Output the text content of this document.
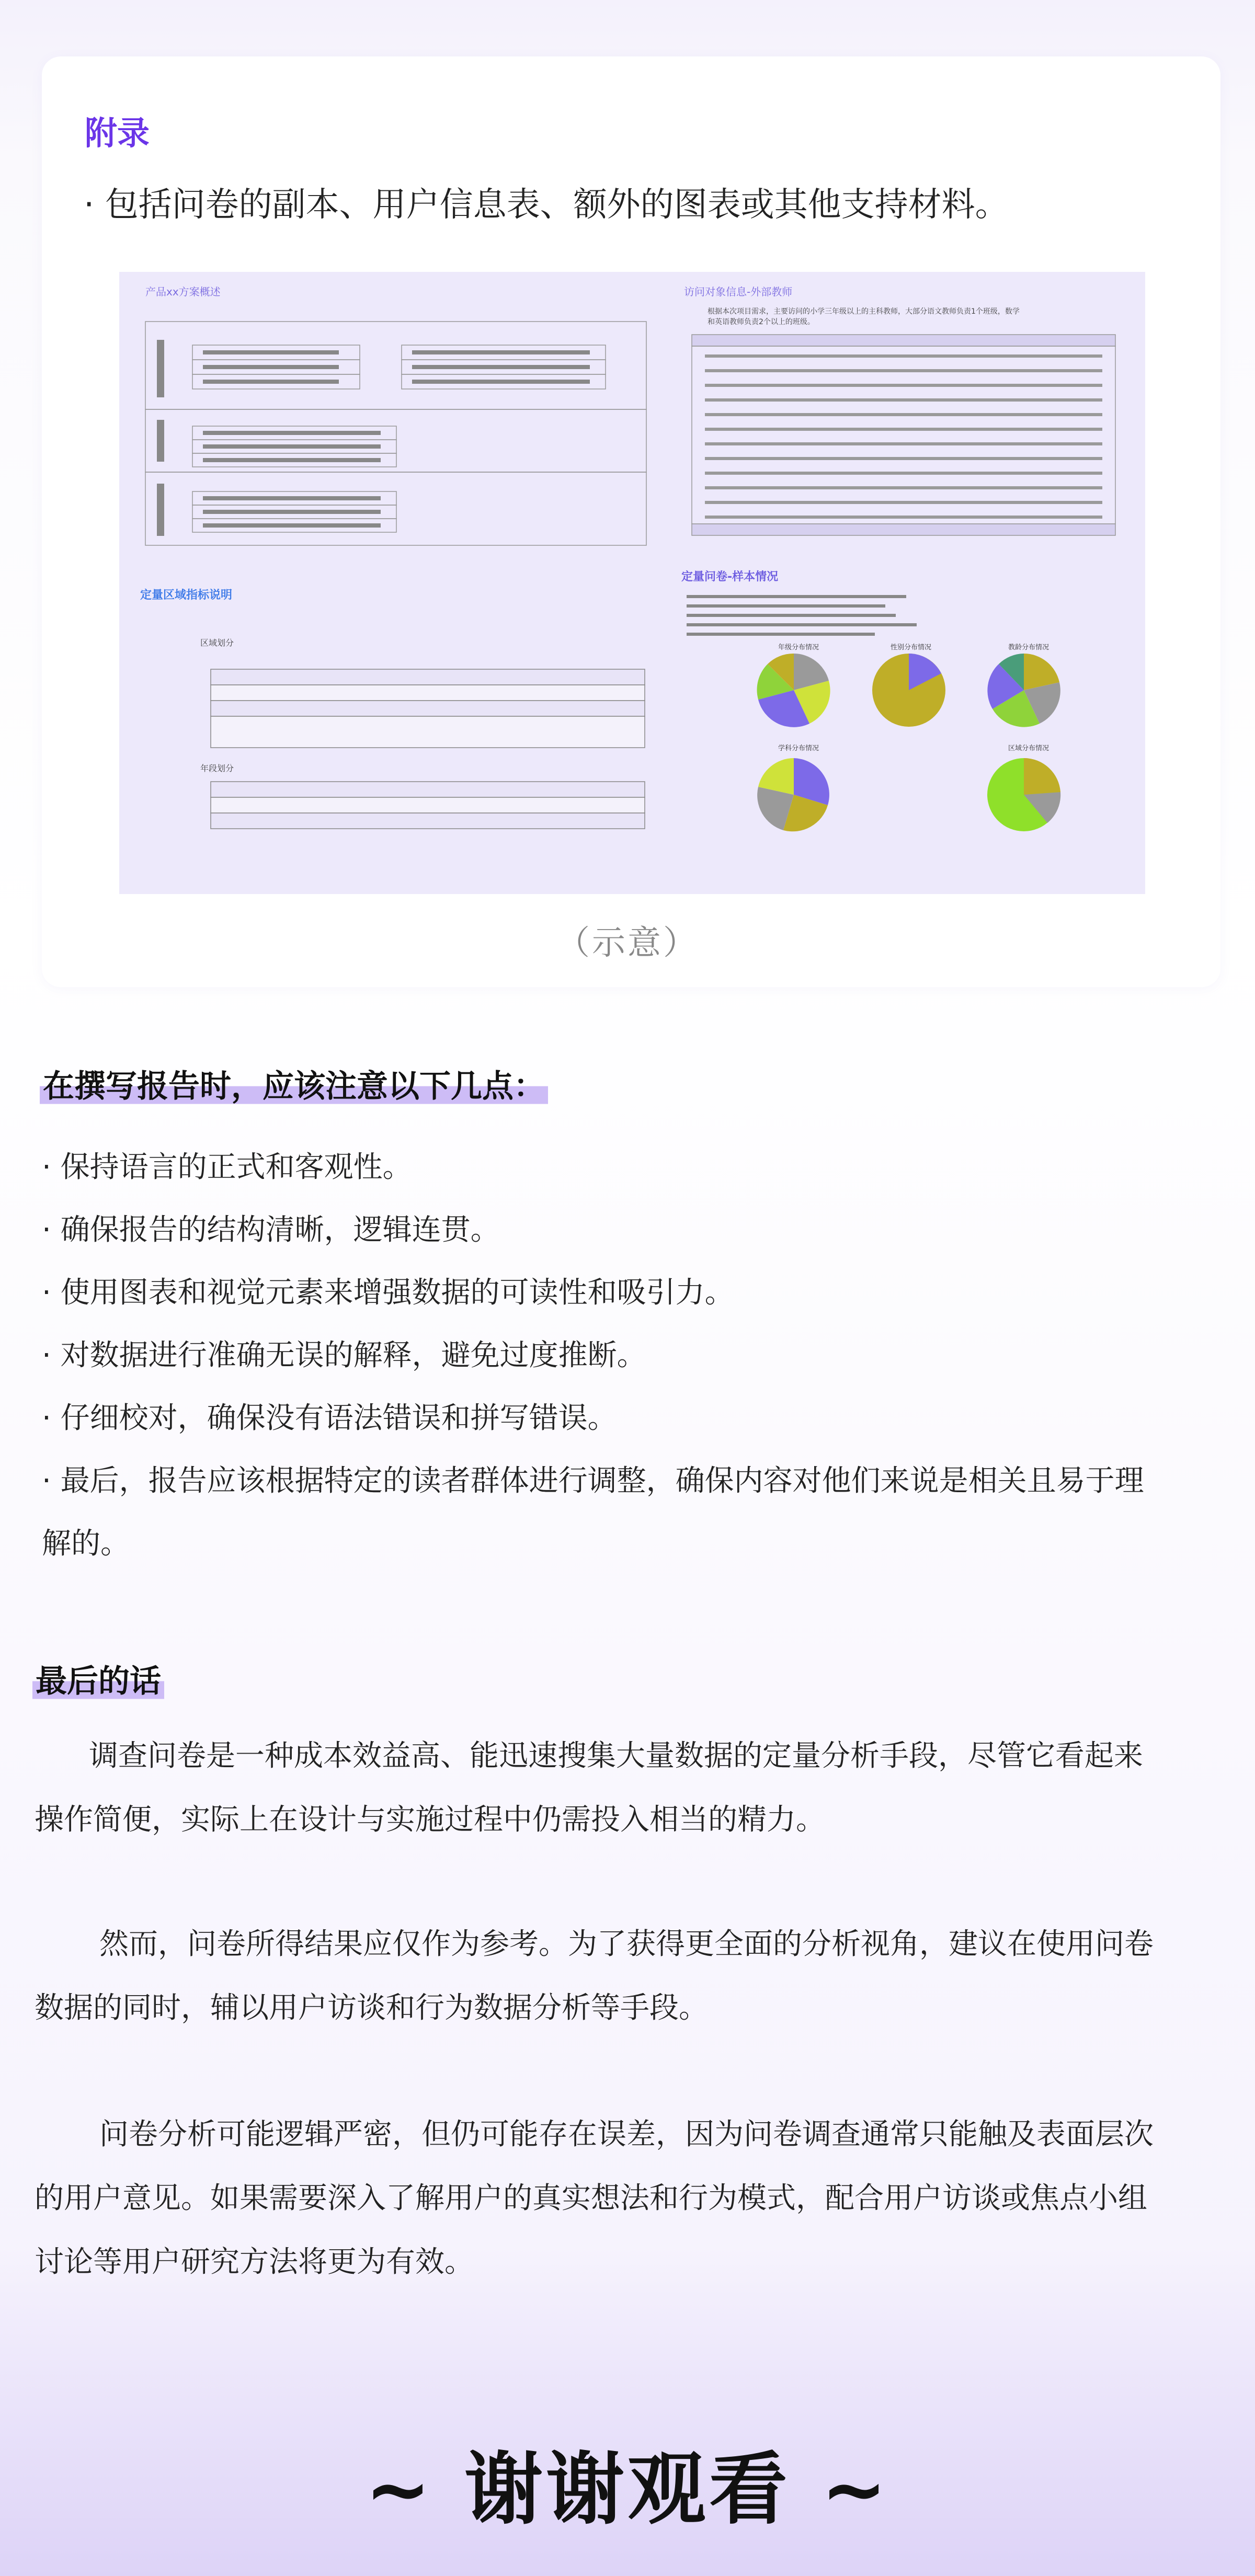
附录
· 包括问卷的副本、用户信息表、额外的图表或其他支持材料。
产品xx方案概述	访问对象信息-外部教师
根据本次项目需求，主要访问的小学三年级以上的主科教师，大部分语文教师负责1个班级，数学
和英语教师负责2个以上的班级。
定量区域指标说明
区域划分
年段划分
定量问卷-样本情况
年级分布情况	性别分布情况	教龄分布情况
学科分布情况	区域分布情况
（示意）
在撰写报告时，应该注意以下几点：
· 保持语言的正式和客观性。
· 确保报告的结构清晰，逻辑连贯。
· 使用图表和视觉元素来增强数据的可读性和吸引力。
· 对数据进行准确无误的解释，避免过度推断。
· 仔细校对，确保没有语法错误和拼写错误。
· 最后，报告应该根据特定的读者群体进行调整，确保内容对他们来说是相关且易于理
解的。
最后的话
调查问卷是一种成本效益高、能迅速搜集大量数据的定量分析手段，尽管它看起来
操作简便，实际上在设计与实施过程中仍需投入相当的精力。
然而，问卷所得结果应仅作为参考。为了获得更全面的分析视角，建议在使用问卷
数据的同时，辅以用户访谈和行为数据分析等手段。
问卷分析可能逻辑严密，但仍可能存在误差，因为问卷调查通常只能触及表面层次
的用户意见。如果需要深入了解用户的真实想法和行为模式，配合用户访谈或焦点小组
讨论等用户研究方法将更为有效。
~ 谢谢观看 ~
